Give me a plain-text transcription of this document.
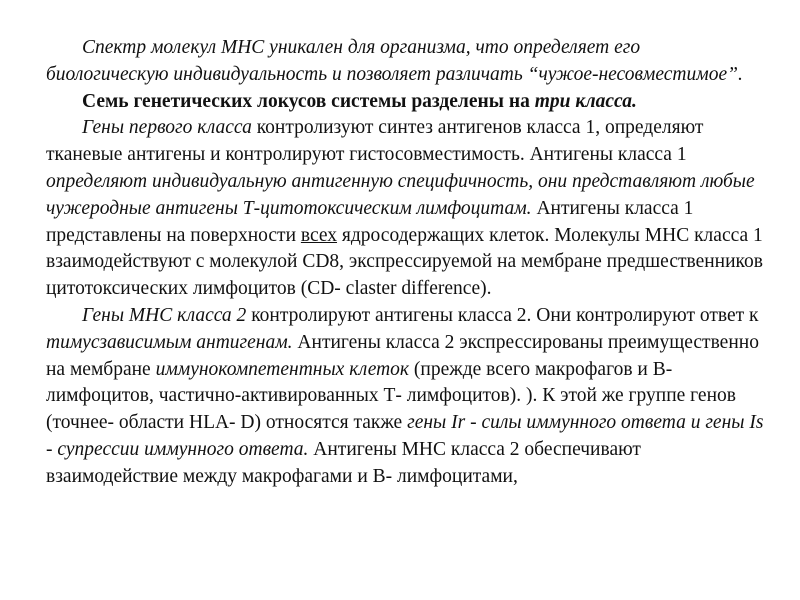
Спектр молекул МНС уникален для организма, что определяет его биологическую индивидуальность и позволяет различать “чужое-несовместимое”.

Семь генетических локусов системы разделены на три класса.

Гены первого класса контролизуют синтез антигенов класса 1, определяют тканевые антигены и контролируют гистосовместимость. Антигены класса 1 определяют индивидуальную антигенную специфичность, они представляют любые чужеродные антигены Т-цитотоксическим лимфоцитам. Антигены класса 1 представлены на поверхности всех ядросодержащих клеток. Молекулы МНС класса 1 взаимодействуют с молекулой CD8, экспрессируемой на мембране предшественников цитотоксических лимфоцитов (CD- claster difference).

Гены МНС класса 2 контролируют антигены класса 2. Они контролируют ответ к тимусзависимым антигенам. Антигены класса 2 экспрессированы преимущественно на мембране иммунокомпетентных клеток (прежде всего макрофагов и В- лимфоцитов, частично-активированных Т- лимфоцитов). ). К этой же группе генов (точнее- области HLA- D) относятся также гены Ir - силы иммунного ответа и гены Is - супрессии иммунного ответа. Антигены МНС класса 2 обеспечивают взаимодействие между макрофагами и В- лимфоцитами,
